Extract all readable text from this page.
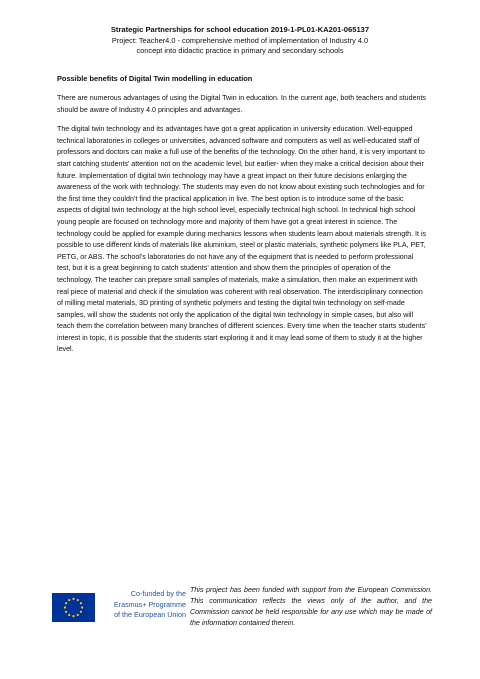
Strategic Partnerships for school education 2019-1-PL01-KA201-065137
Project: Teacher4.0 - comprehensive method of implementation of Industry 4.0
concept into didactic practice in primary and secondary schools
Possible benefits of Digital Twin modelling in education
There are numerous advantages of using the Digital Twin in education. In the current age, both teachers and students should be aware of Industry 4.0 principles and advantages.
The digital twin technology and its advantages have got a great application in university education. Well-equipped technical laboratories in colleges or universities, advanced software and computers as well as well-educated staff of professors and doctors can make a full use of the benefits of the technology. On the other hand, it is very important to start catching students’ attention not on the academic level, but earlier- when they make a critical decision about their future. Implementation of digital twin technology may have a great impact on their future decisions enlarging the awareness of the work with technology. The students may even do not know about existing such technologies and for the first time they couldn’t find the practical application in live. The best option is to introduce some of the basic aspects of digital twin technology at the high school level, especially technical high school. In technical high school young people are focused on technology more and majority of them have got a great interest in science. The technology could be applied for example during mechanics lessons when students learn about materials strength. It is possible to use different kinds of materials like aluminium, steel or plastic materials, synthetic polymers like PLA, PET, PETG, or ABS. The school’s laboratories do not have any of the equipment that is needed to perform professional test, but it is a great beginning to catch students’ attention and show them the principles of operation of the technology. The teacher can prepare small samples of materials, make a simulation, then make an experiment with real piece of material and check if the simulation was coherent with real observation. The interdisciplinary connection of milling metal materials, 3D printing of synthetic polymers and testing the digital twin technology on self-made samples, will show the students not only the application of the digital twin technology in simple cases, but also will teach them the correlation between many branches of different sciences. Every time when the teacher starts students’ interest in topic, it is possible that the students start exploring it and it may lead some of them to study it at the higher level.
Co-funded by the
Erasmus+ Programme
of the European Union
This project has been funded with support from the European Commission. This communication reflects the views only of the author, and the Commission cannot be held responsible for any use which may be made of the information contained therein.
